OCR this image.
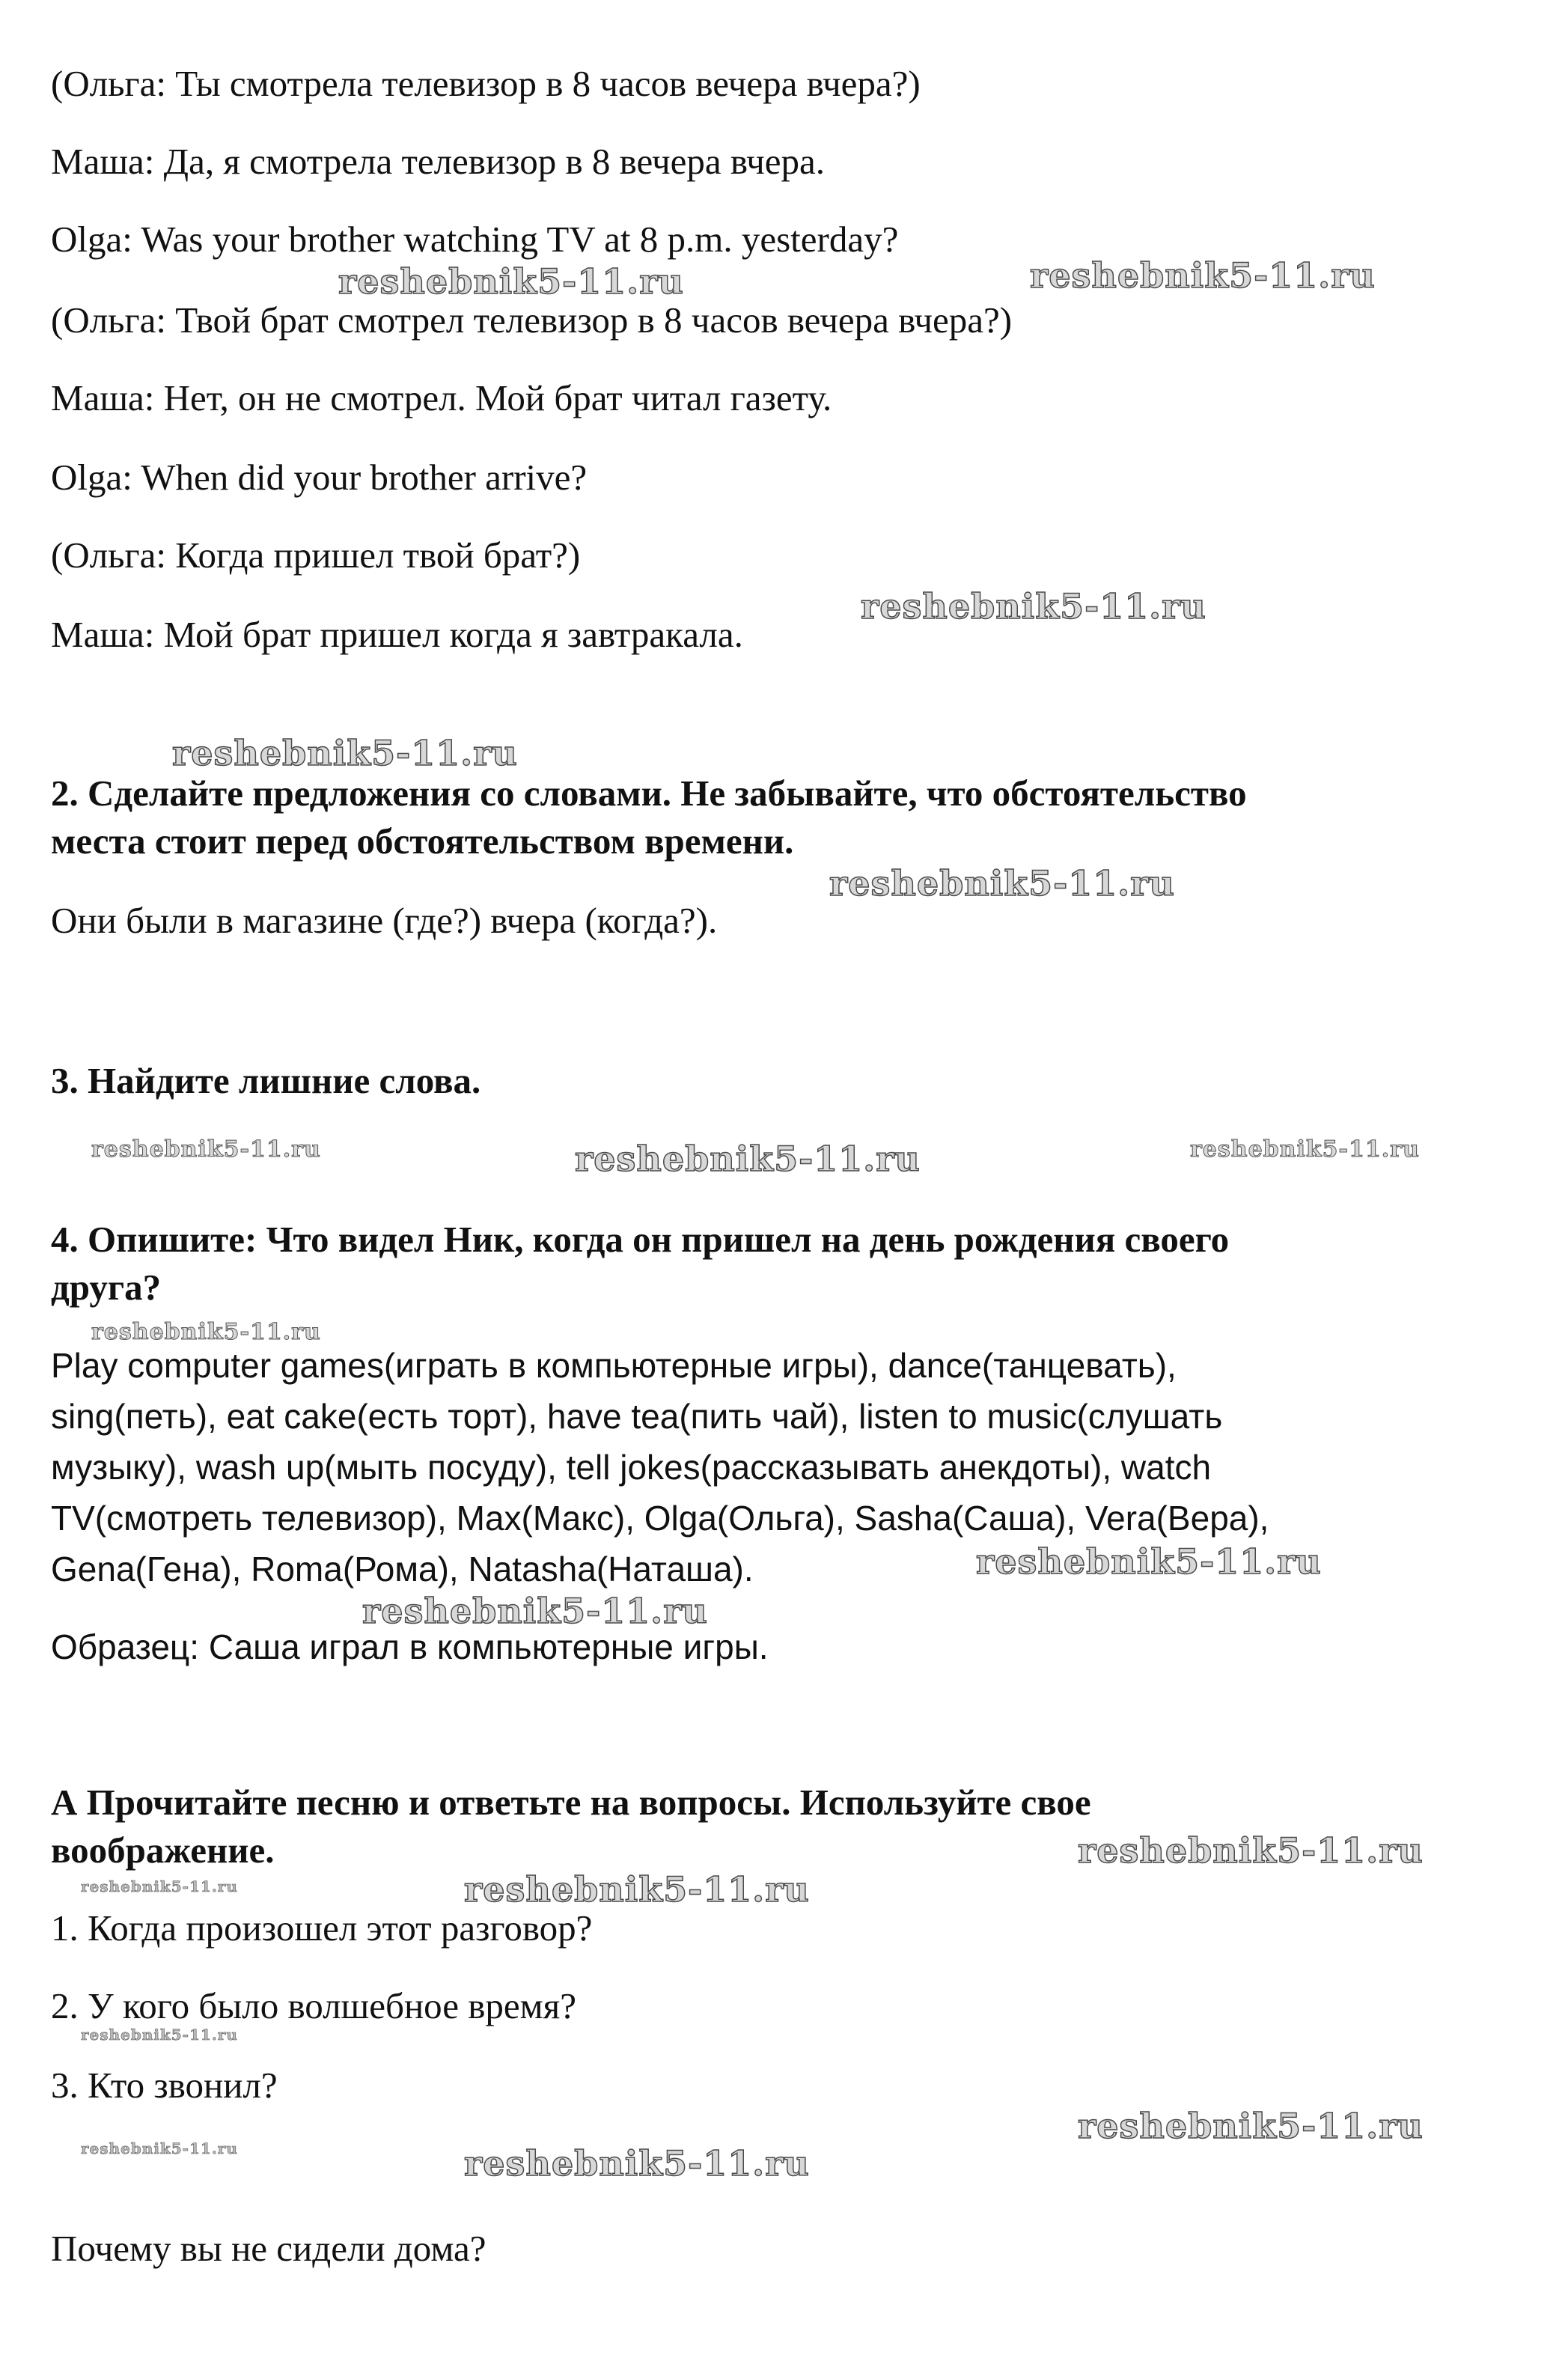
(Ольга: Ты смотрела телевизор в 8 часов вечера вчера?)

Маша: Да, я смотрела телевизор в 8 вечера вчера.

Olga: Was your brother watching TV at 8 p.m. yesterday?

(Ольга: Твой брат смотрел телевизор в 8 часов вечера вчера?)

Маша: Нет, он не смотрел. Мой брат читал газету.

Olga: When did your brother arrive?

(Ольга: Когда пришел твой брат?)

Маша: Мой брат пришел когда я завтракала.

2. Сделайте предложения со словами. Не забывайте, что обстоятельство

места стоит перед обстоятельством времени.

Они были в магазине (где?) вчера (когда?).

3. Найдите лишние слова.

4. Опишите: Что видел Ник, когда он пришел на день рождения своего

друга?

Play computer games(играть в компьютерные игры), dance(танцевать),

sing(петь), eat cake(есть торт), have tea(пить чай), listen to music(слушать

музыку), wash up(мыть посуду), tell jokes(рассказывать анекдоты), watch

TV(смотреть телевизор), Max(Макс), Olga(Ольга), Sasha(Саша), Vera(Вера),

Gena(Гена), Roma(Рома), Natasha(Наташа).

Образец: Саша играл в компьютерные игры.

А Прочитайте песню и ответьте на вопросы. Используйте свое

воображение.

1. Когда произошел этот разговор?

2. У кого было волшебное время?

3. Кто звонил?

Почему вы не сидели дома?

reshebnik5-11.ru	reshebnik5-11.ru

reshebnik5-11.ru

reshebnik5-11.ru

reshebnik5-11.ru

reshebnik5-11.ru	reshebnik5-11.ru	reshebnik5-11.ru

reshebnik5-11.ru

reshebnik5-11.ru

reshebnik5-11.ru

reshebnik5-11.ru

reshebnik5-11.ru	reshebnik5-11.ru

reshebnik5-11.ru

reshebnik5-11.ru

reshebnik5-11.ru	reshebnik5-11.ru
